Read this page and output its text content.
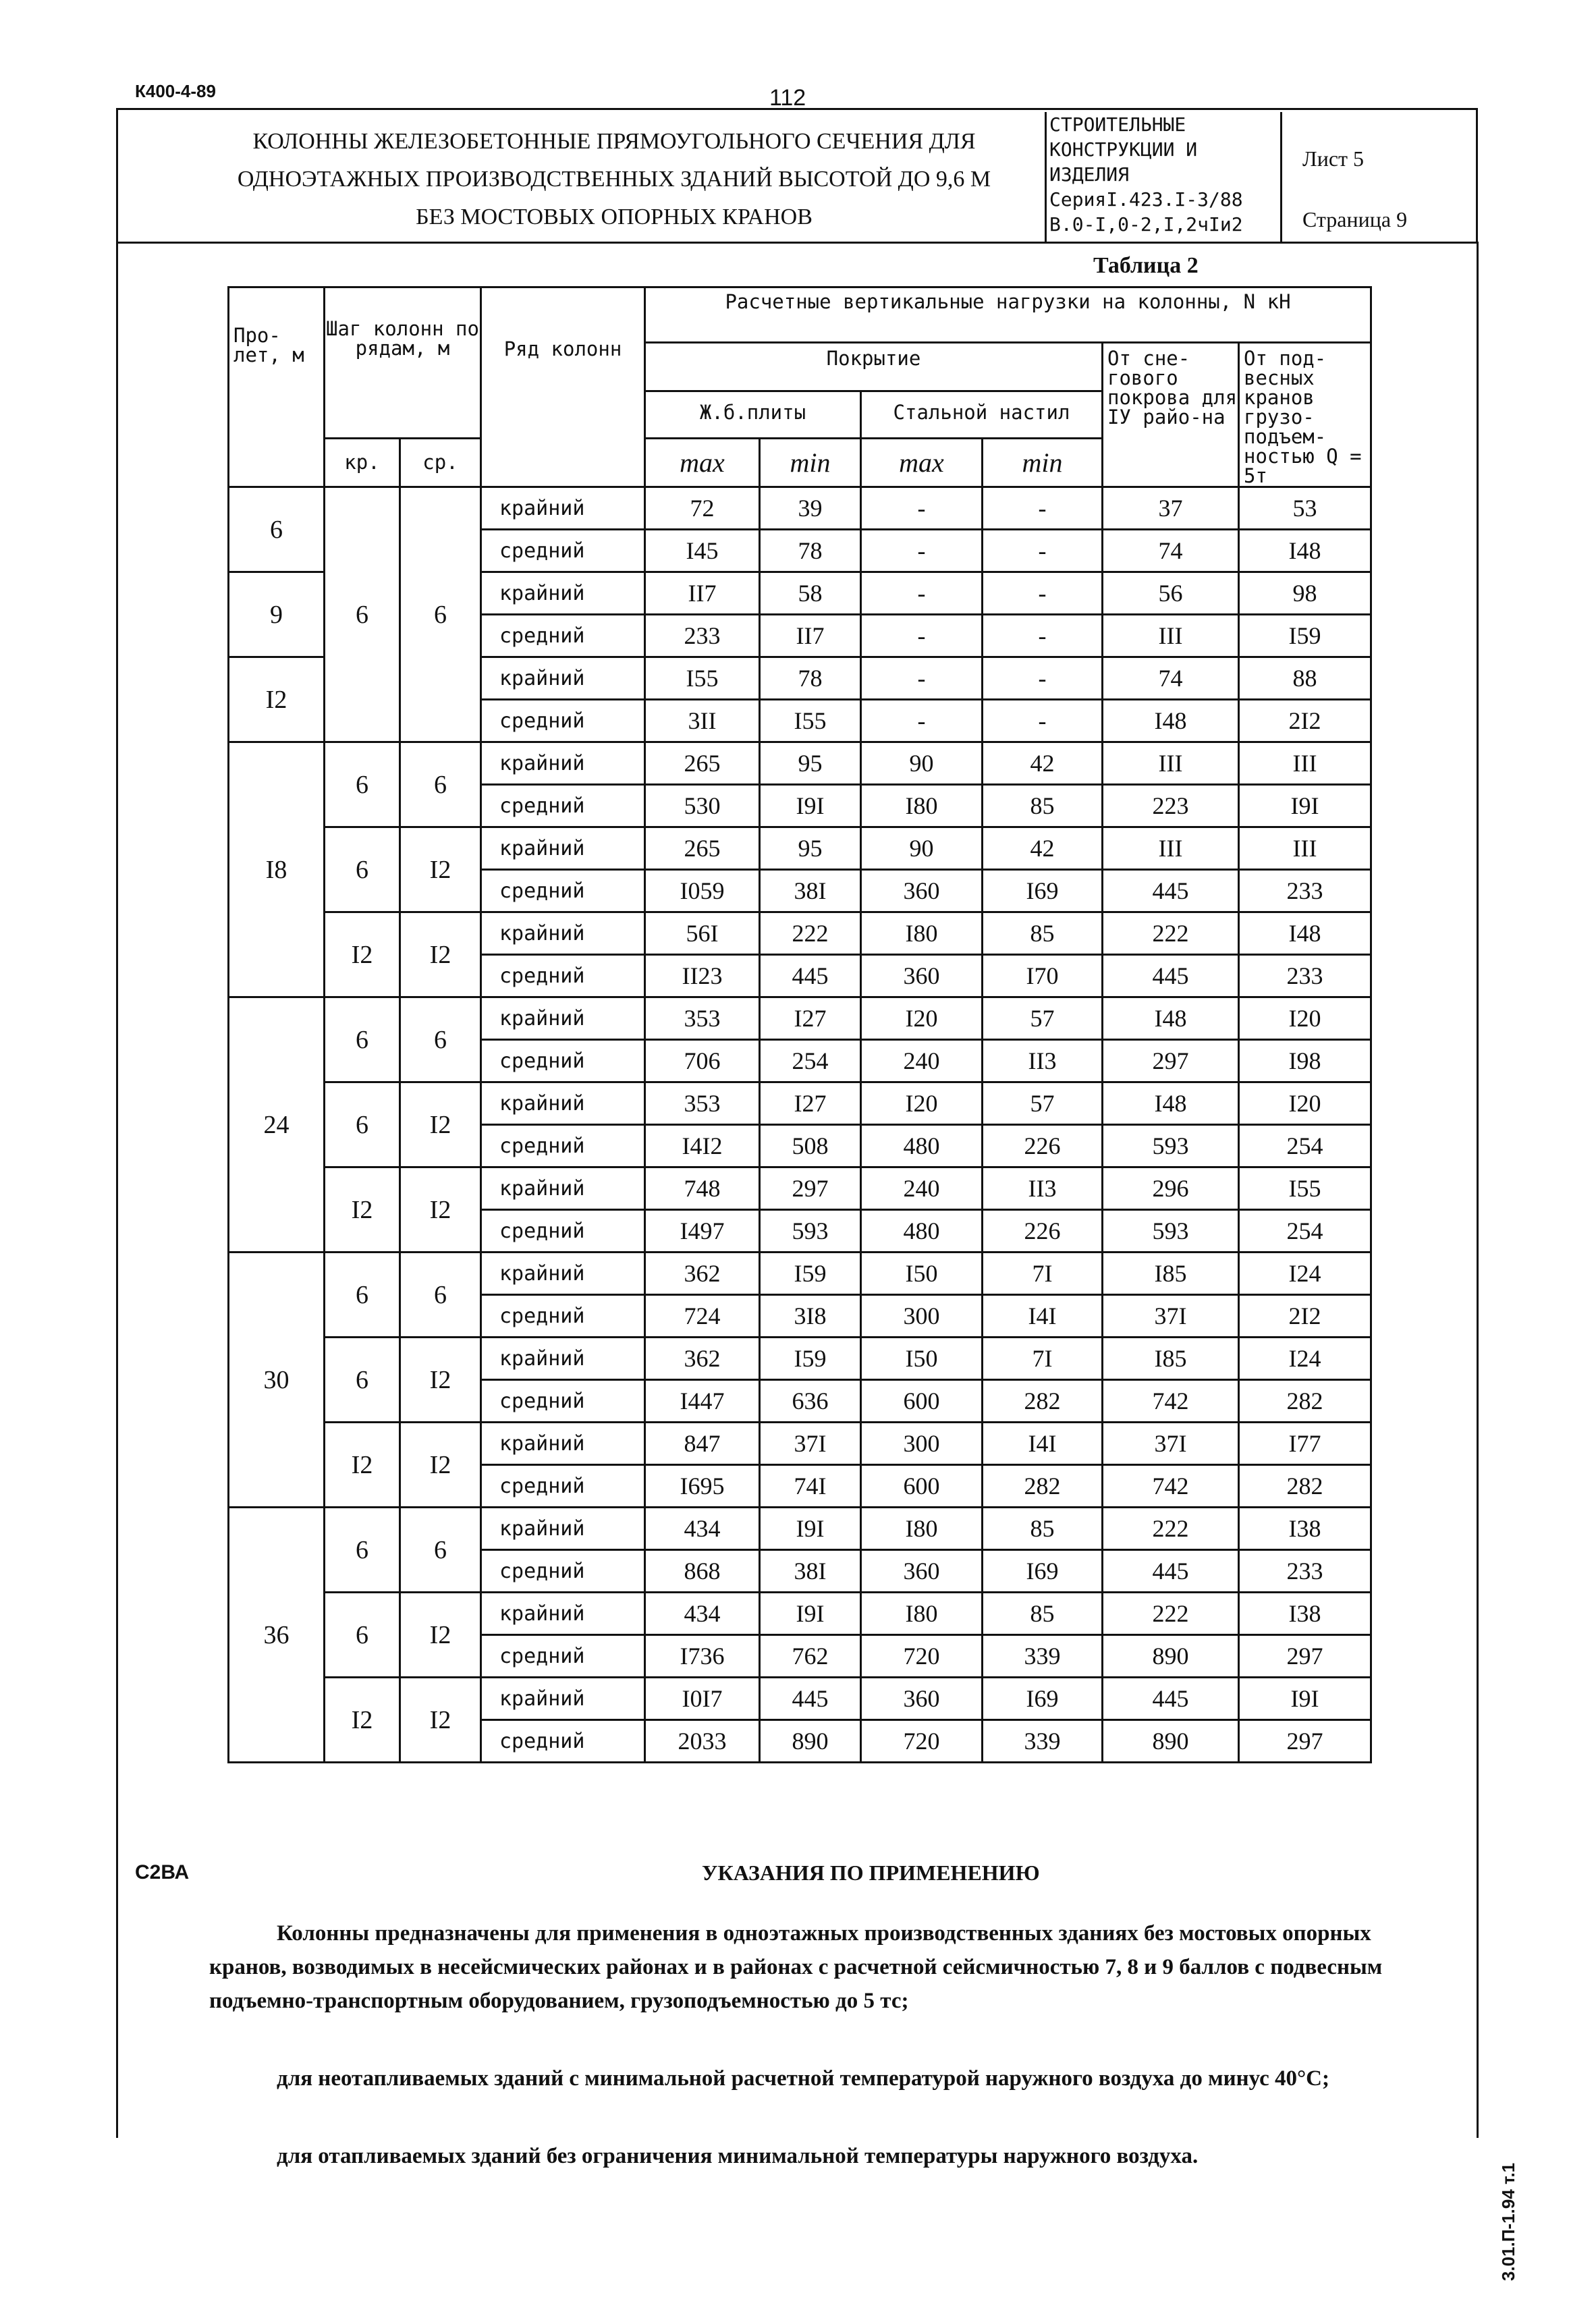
К400-4-89	112
КОЛОННЫ ЖЕЛЕЗОБЕТОННЫЕ ПРЯМОУГОЛЬНОГО СЕЧЕНИЯ ДЛЯ
ОДНОЭТАЖНЫХ ПРОИЗВОДСТВЕННЫХ ЗДАНИЙ ВЫСОТОЙ ДО 9,6 М
БЕЗ МОСТОВЫХ ОПОРНЫХ КРАНОВ
СТРОИТЕЛЬНЫЕ
КОНСТРУКЦИИ И
ИЗДЕЛИЯ
СерияI.423.I-3/88
В.0-I,0-2,I,2чIи2
Лист 5
Страница 9
Таблица 2
Про-лет, м	Шаг колонн по рядам, м		Ряд колонн	Расчетные вертикальные нагрузки на колонны, N кН					
				Покрытие				От сне-гового покрова для IУ райо-на	От под-весных кранов грузо-подъем-ностью Q = 5т
				Ж.б.плиты		Стальной настил			
	кр.	ср.		max	min	max	min		
6	6	6	крайний	72	39	-	-	37	53
			средний	I45	78	-	-	74	I48
9			крайний	II7	58	-	-	56	98
			средний	233	II7	-	-	III	I59
I2			крайний	I55	78	-	-	74	88
			средний	3II	I55	-	-	I48	2I2
I8	6	6	крайний	265	95	90	42	III	III
			средний	530	I9I	I80	85	223	I9I
	6	I2	крайний	265	95	90	42	III	III
			средний	I059	38I	360	I69	445	233
	I2	I2	крайний	56I	222	I80	85	222	I48
			средний	II23	445	360	I70	445	233
24	6	6	крайний	353	I27	I20	57	I48	I20
			средний	706	254	240	II3	297	I98
	6	I2	крайний	353	I27	I20	57	I48	I20
			средний	I4I2	508	480	226	593	254
	I2	I2	крайний	748	297	240	II3	296	I55
			средний	I497	593	480	226	593	254
30	6	6	крайний	362	I59	I50	7I	I85	I24
			средний	724	3I8	300	I4I	37I	2I2
	6	I2	крайний	362	I59	I50	7I	I85	I24
			средний	I447	636	600	282	742	282
	I2	I2	крайний	847	37I	300	I4I	37I	I77
			средний	I695	74I	600	282	742	282
36	6	6	крайний	434	I9I	I80	85	222	I38
			средний	868	38I	360	I69	445	233
	6	I2	крайний	434	I9I	I80	85	222	I38
			средний	I736	762	720	339	890	297
	I2	I2	крайний	I0I7	445	360	I69	445	I9I
			средний	2033	890	720	339	890	297
С2ВА	УКАЗАНИЯ ПО ПРИМЕНЕНИЮ
Колонны предназначены для применения в одноэтажных производственных зданиях без мостовых опорных кранов, возводимых в несейсмических районах и в районах с расчетной сейсмичностью 7, 8 и 9 баллов с подвесным подъемно-транспортным оборудованием, грузоподъемностью до 5 тс;
для неотапливаемых зданий с минимальной расчетной температурой наружного воздуха до минус 40°С;
для отапливаемых зданий без ограничения минимальной температуры наружного воздуха.
3.01.П-1.94 т.1
